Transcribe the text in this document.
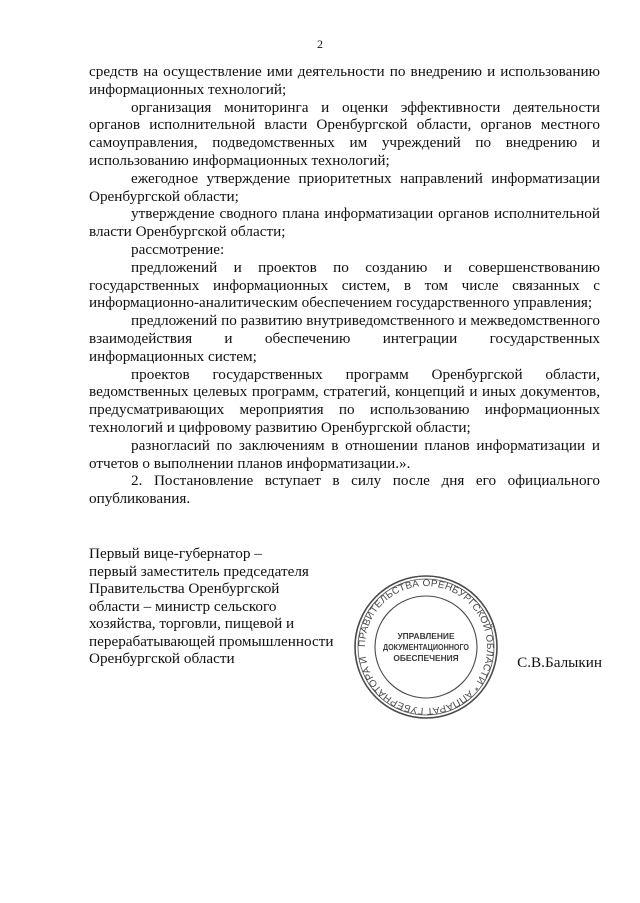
2

средств на осуществление ими деятельности по внедрению и использованию информационных технологий;

организация мониторинга и оценки эффективности деятельности органов исполнительной власти Оренбургской области, органов местного самоуправления, подведомственных им учреждений по внедрению и использованию информационных технологий;

ежегодное утверждение приоритетных направлений информатизации Оренбургской области;

утверждение сводного плана информатизации органов исполнительной власти Оренбургской области;

рассмотрение:

предложений и проектов по созданию и совершенствованию государственных информационных систем, в том числе связанных с информационно-аналитическим обеспечением государственного управления;

предложений по развитию внутриведомственного и межведомственного взаимодействия и обеспечению интеграции государственных информационных систем;

проектов государственных программ Оренбургской области, ведомственных целевых программ, стратегий, концепций и иных документов, предусматривающих мероприятия по использованию информационных технологий и цифровому развитию Оренбургской области;

разногласий по заключениям в отношении планов информатизации и отчетов о выполнении планов информатизации.».

2. Постановление вступает в силу после дня его официального опубликования.

Первый вице-губернатор –
первый заместитель председателя
Правительства Оренбургской
области – министр сельского
хозяйства, торговли, пищевой и
перерабатывающей промышленности
Оренбургской области	С.В.Балыкин
ПРАВИТЕЛЬСТВА ОРЕНБУРГСКОЙ ОБЛАСТИ * АППАРАТ ГУБЕРНАТОРА И
УПРАВЛЕНИЕ
ДОКУМЕНТАЦИОННОГО
ОБЕСПЕЧЕНИЯ
